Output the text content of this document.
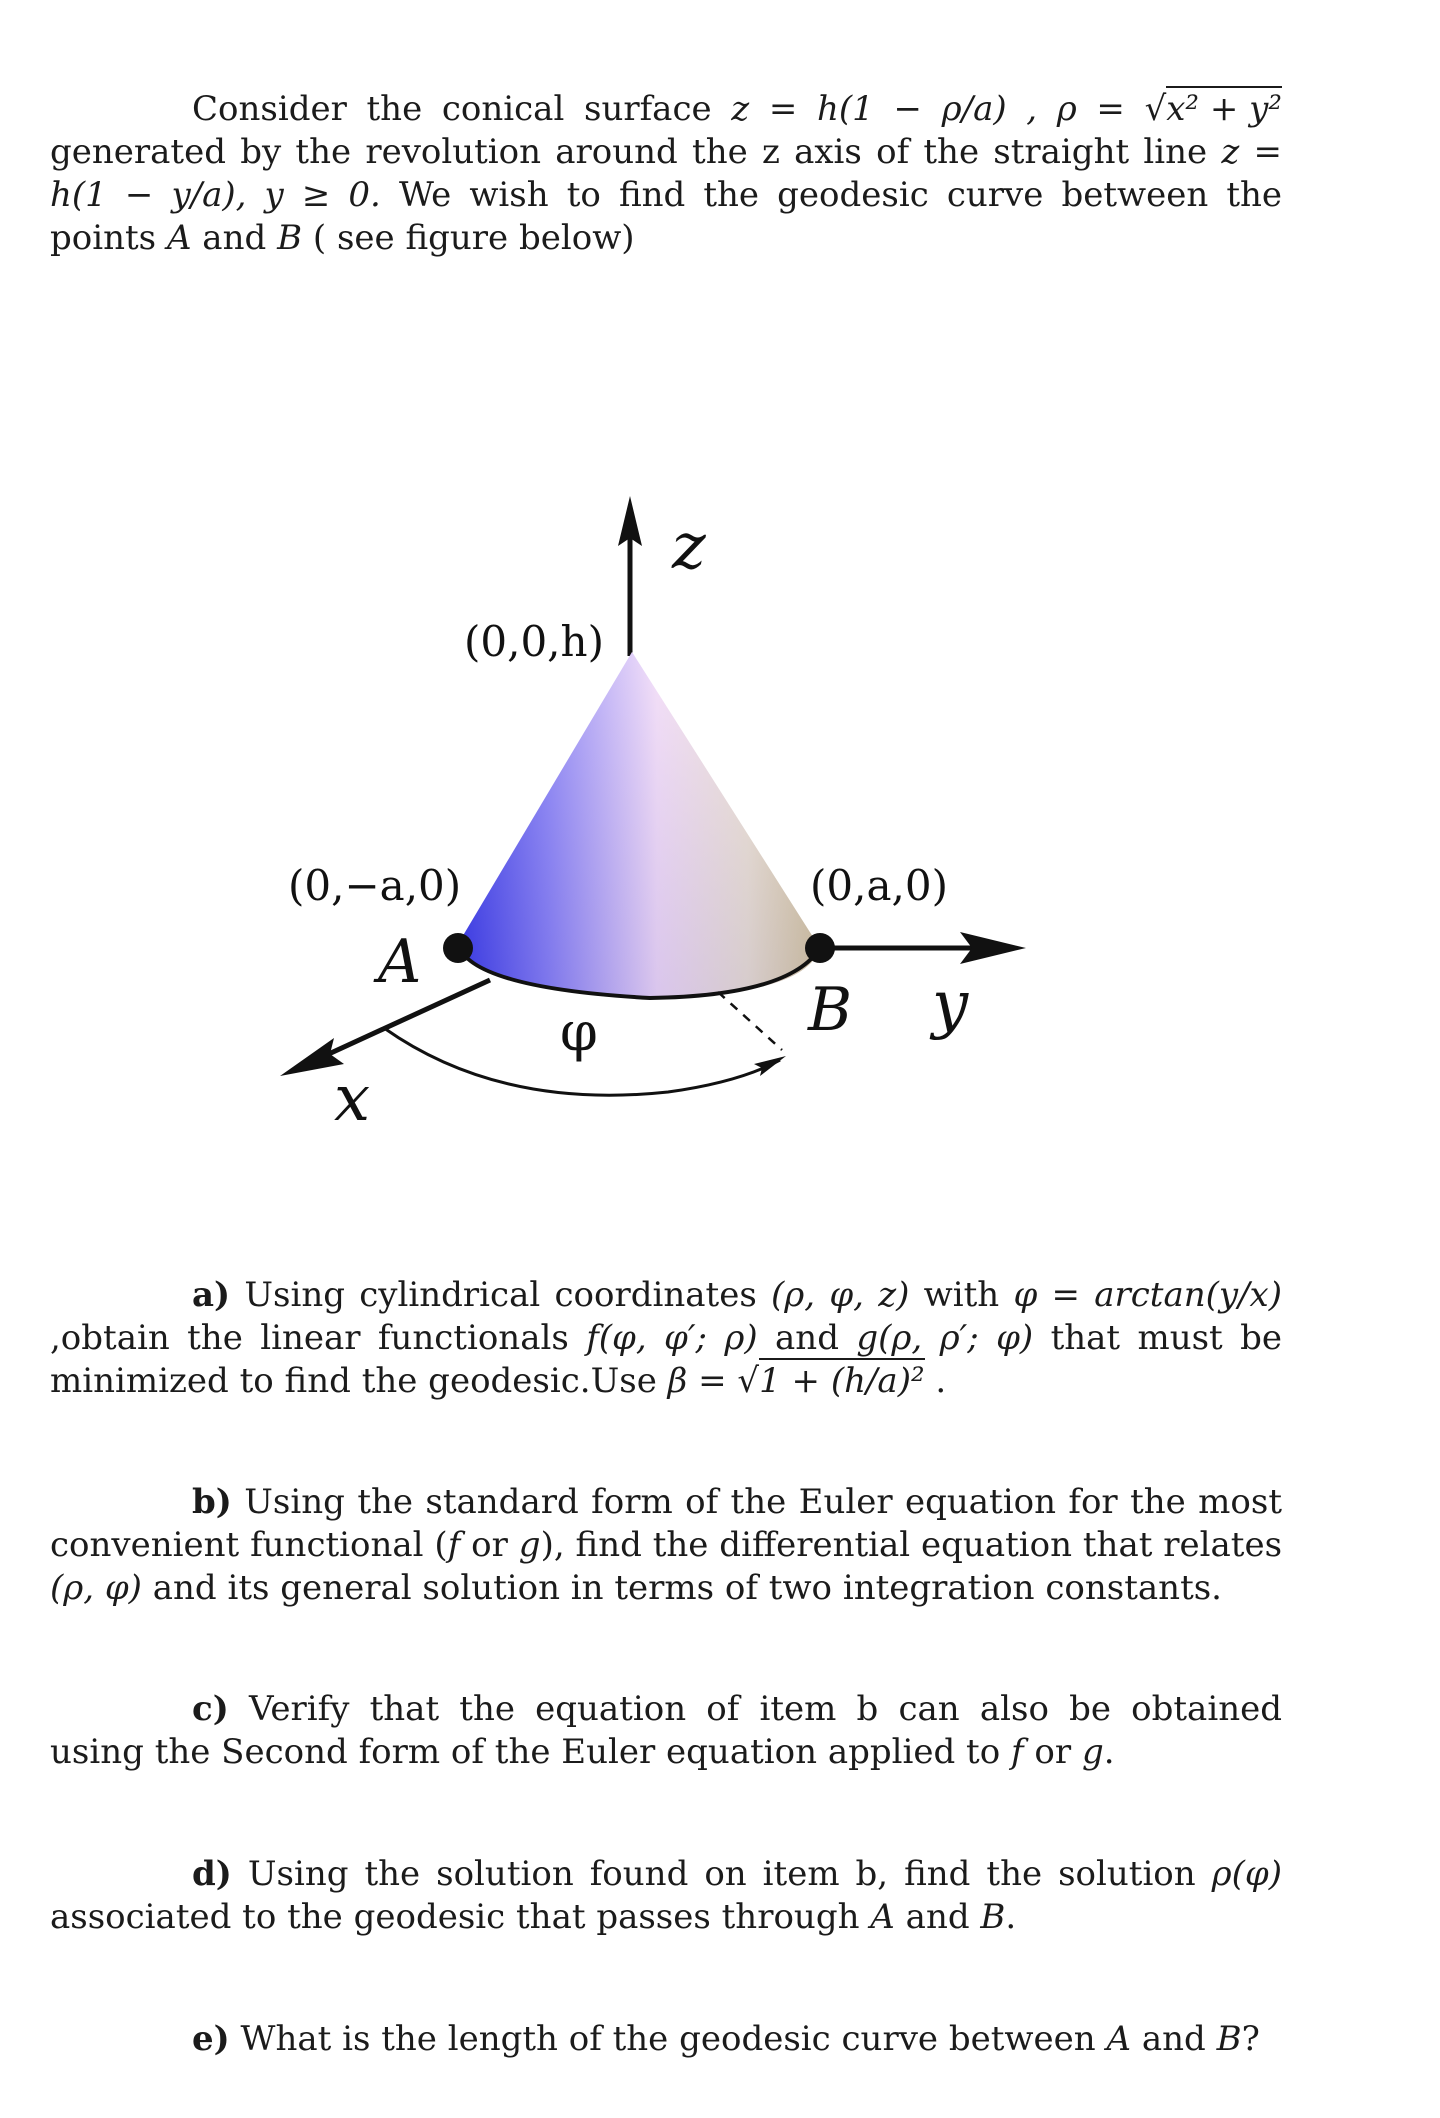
Consider the conical surface z = h(1 − ρ/a) , ρ = √x² + y² generated by the revolution around the z axis of the straight line z = h(1 − y/a), y ≥ 0. We wish to find the geodesic curve between the points A and B ( see figure below)

z
(0,0,h)
(0,−a,0)	(0,a,0)
A
B y
x
φ

a) Using cylindrical coordinates (ρ, φ, z) with φ = arctan(y/x) ,obtain the linear functionals f(φ, φ′; ρ) and g(ρ, ρ′; φ) that must be minimized to find the geodesic.Use β = √1 + (h/a)² .

b) Using the standard form of the Euler equation for the most convenient functional (f or g), find the differential equation that relates (ρ, φ) and its general solution in terms of two integration constants.

c) Verify that the equation of item b can also be obtained using the Second form of the Euler equation applied to f or g.

d) Using the solution found on item b, find the solution ρ(φ) associated to the geodesic that passes through A and B.

e) What is the length of the geodesic curve between A and B?
